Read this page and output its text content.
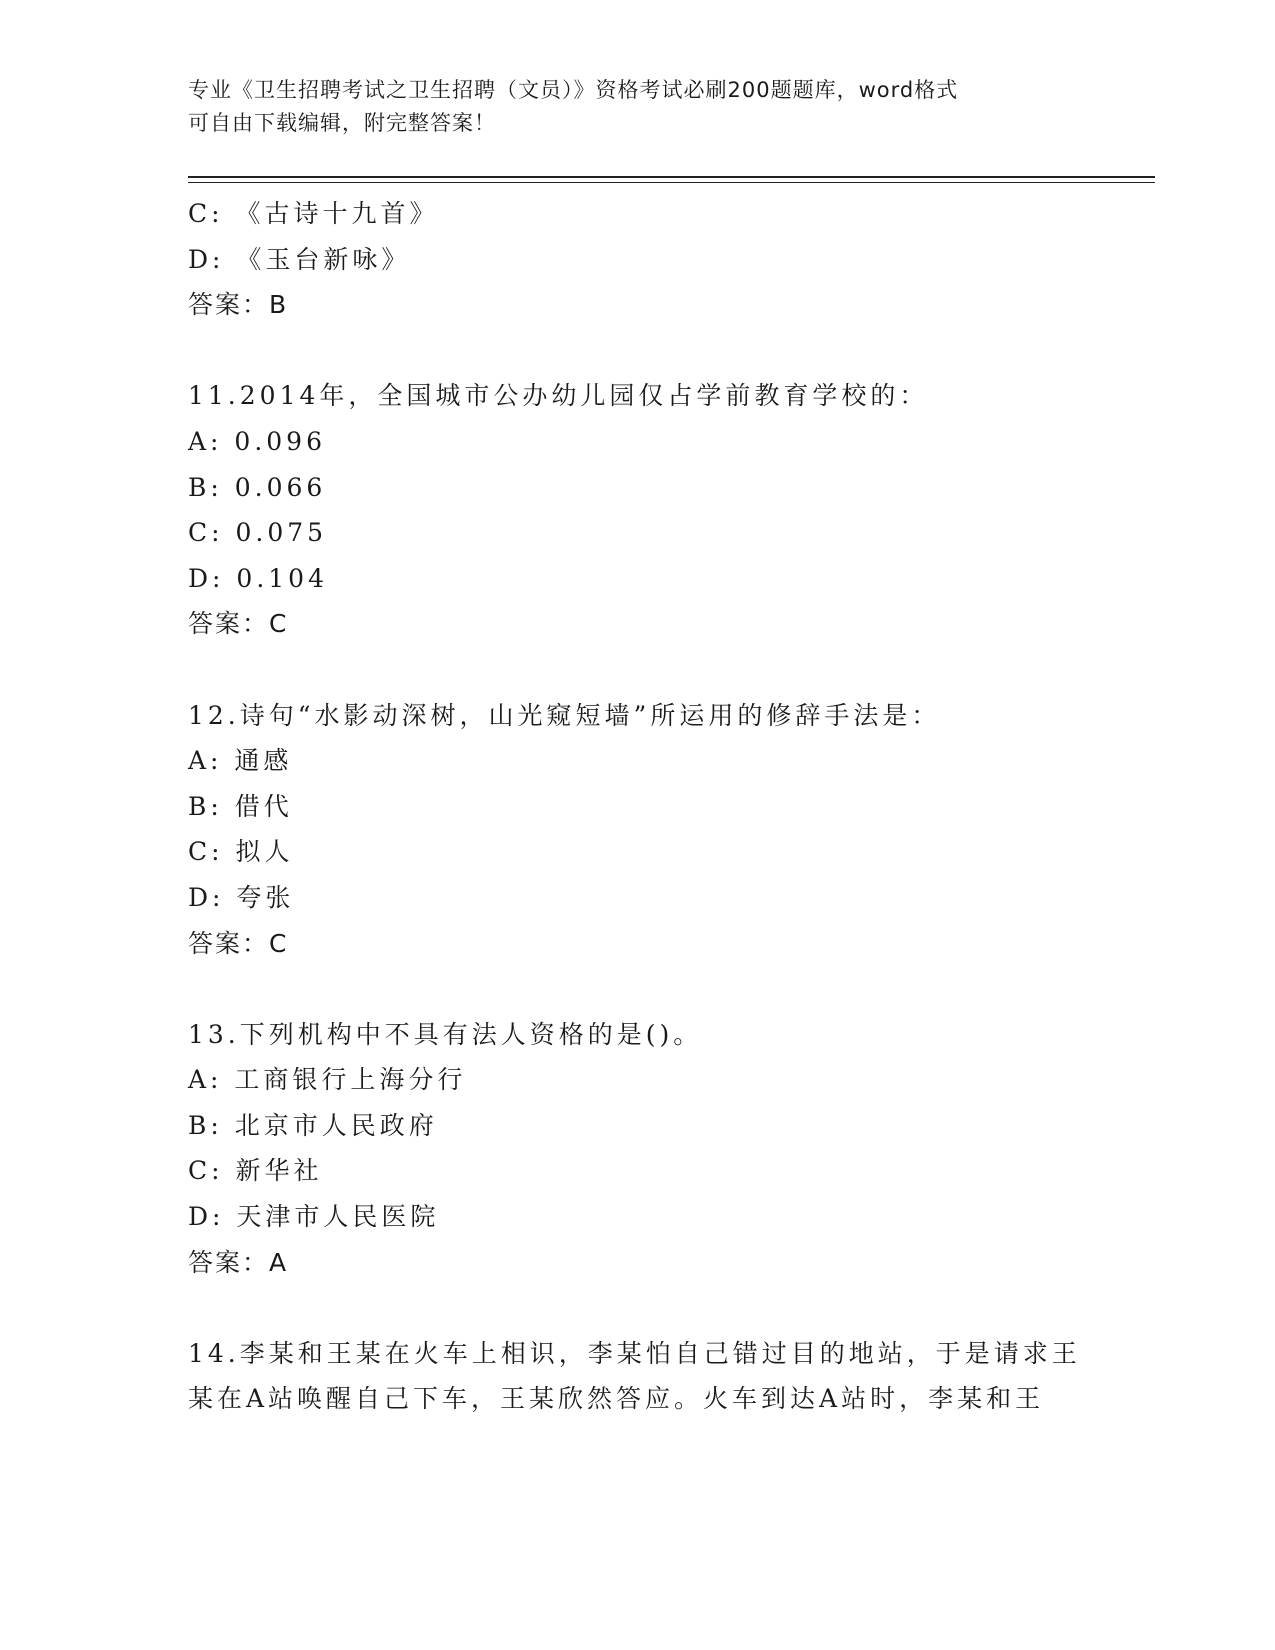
专业《卫生招聘考试之卫生招聘（文员）》资格考试必刷200题题库，word格式
可自由下载编辑，附完整答案！
C: 《古诗十九首》
D: 《玉台新咏》
答案：B
11.2014年，全国城市公办幼儿园仅占学前教育学校的：
A: 0.096
B: 0.066
C: 0.075
D: 0.104
答案：C
12.诗句“水影动深树，山光窥短墙”所运用的修辞手法是：
A: 通感
B: 借代
C: 拟人
D: 夸张
答案：C
13.下列机构中不具有法人资格的是()。
A: 工商银行上海分行
B: 北京市人民政府
C: 新华社
D: 天津市人民医院
答案：A
14.李某和王某在火车上相识，李某怕自己错过目的地站，于是请求王
某在A站唤醒自己下车，王某欣然答应。火车到达A站时，李某和王
